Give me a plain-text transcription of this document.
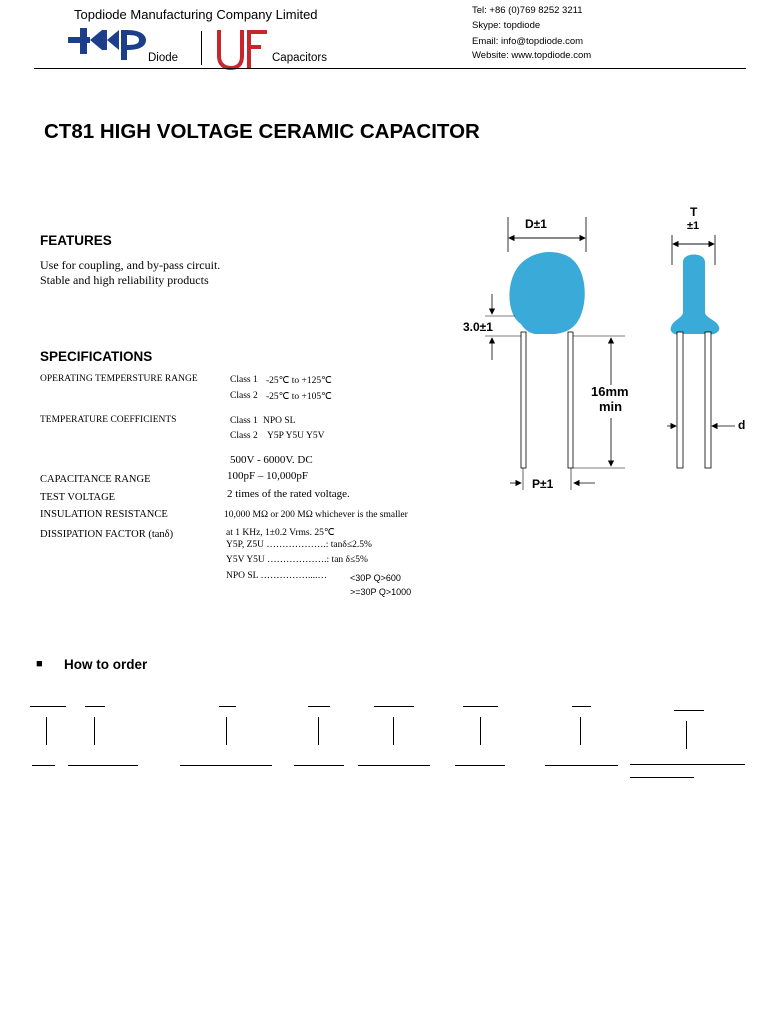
Topdiode Manufacturing Company Limited
Diode	Capacitors
Tel: +86 (0)769 8252 3211
Skype: topdiode
Email: info@topdiode.com
Website: www.topdiode.com
CT81 HIGH VOLTAGE CERAMIC CAPACITOR
FEATURES
Use for coupling, and by-pass circuit.
Stable and high reliability products
SPECIFICATIONS
OPERATING TEMPERSTURE RANGE	Class 1 -25℃ to +125℃
Class 2 -25℃ to +105℃
TEMPERATURE COEFFICIENTS	Class 1 NPO SL
Class 2 Y5P Y5U Y5V
500V - 6000V. DC
CAPACITANCE RANGE	100pF – 10,000pF
TEST VOLTAGE	2 times of the rated voltage.
INSULATION RESISTANCE	10,000 MΩ or 200 MΩ whichever is the smaller
DISSIPATION FACTOR (tanδ)	at 1 KHz, 1±0.2 Vrms. 25℃
Y5P, Z5U ……………….: tanδ≤2.5%
Y5V Y5U ……………….: tan δ≤5%
NPO SL ……………....…	<30P Q>600
>=30P Q>1000
D±1
T
±1
3.0±1
16mm
min
P±1
d
■ How to order
